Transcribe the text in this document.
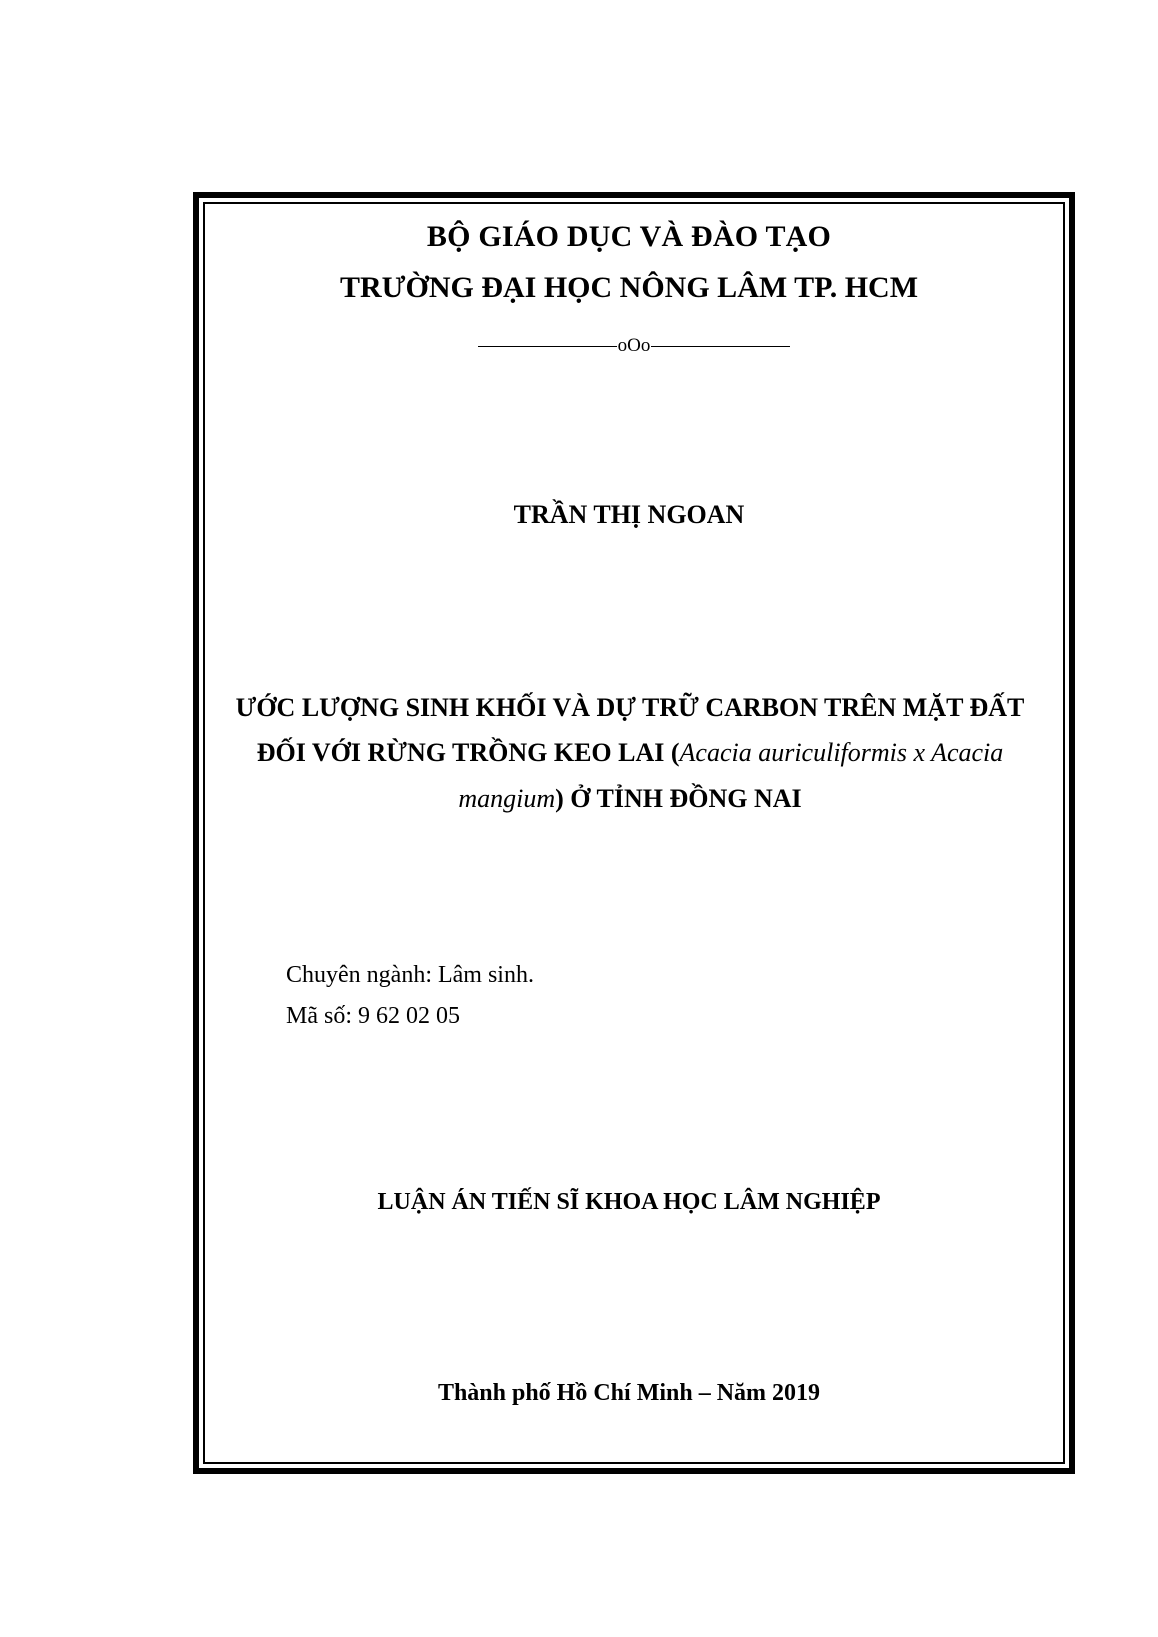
BỘ GIÁO DỤC VÀ ĐÀO TẠO

TRƯỜNG ĐẠI HỌC NÔNG LÂM TP. HCM

oOo

TRẦN THỊ NGOAN

ƯỚC LƯỢNG SINH KHỐI VÀ DỰ TRỮ CARBON TRÊN MẶT ĐẤT

ĐỐI VỚI RỪNG TRỒNG KEO LAI (Acacia auriculiformis x Acacia

mangium) Ở TỈNH ĐỒNG NAI

Chuyên ngành: Lâm sinh.
Mã số: 9 62 02 05

LUẬN ÁN TIẾN SĨ KHOA HỌC LÂM NGHIỆP

Thành phố Hồ Chí Minh – Năm 2019
